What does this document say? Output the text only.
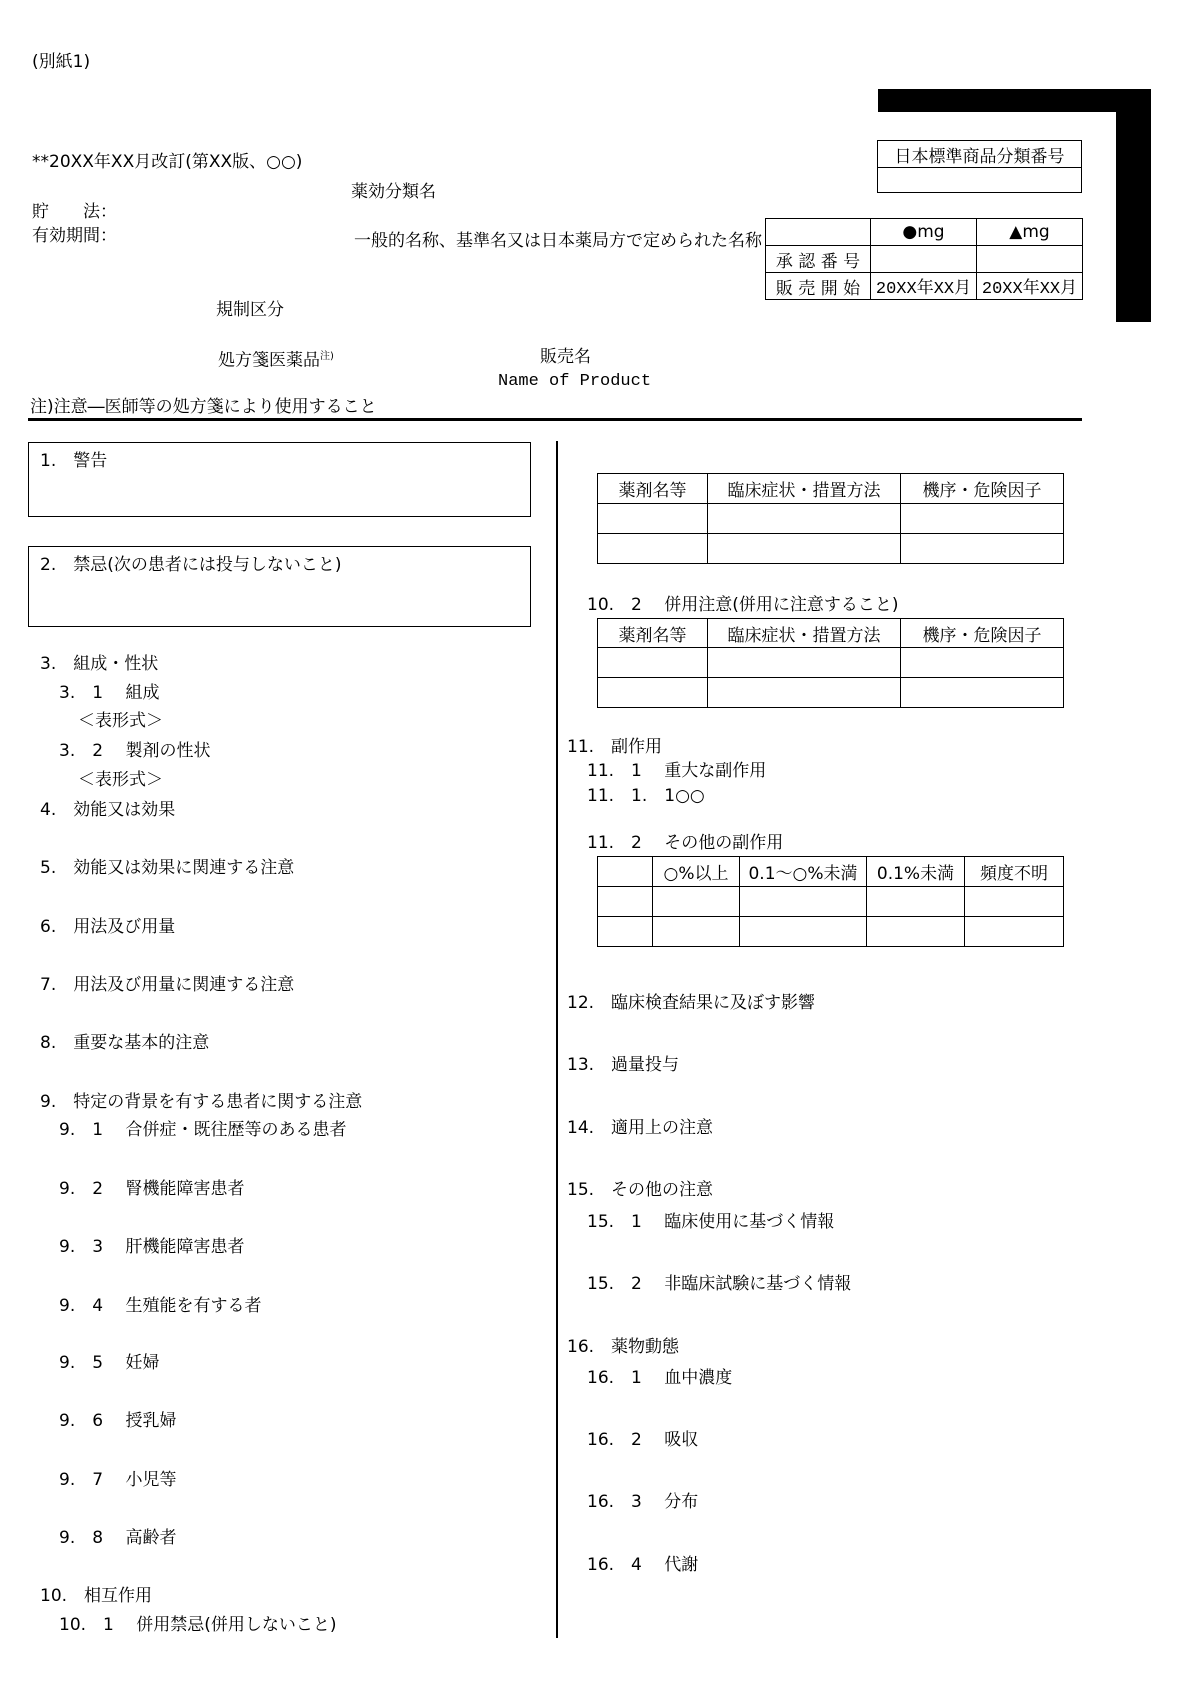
(別紙1)
日本標準商品分類番号

**20XX年XX月改訂(第XX版、○○)
薬効分類名
貯　　法：
有効期間：	一般的名称、基準名又は日本薬局方で定められた名称
		●mg	▲mg
承 認 番 号		
販 売 開 始	20XX年XX月	20XX年XX月
規制区分
処方箋医薬品$^{注)}$	販売名
Name of Product
注)注意―医師等の処方箋により使用すること
1.　警告
2.　禁忌(次の患者には投与しないこと)
3.　組成・性状
3.　1　 組成
＜表形式＞
3.　2　 製剤の性状
＜表形式＞
4.　効能又は効果
5.　効能又は効果に関連する注意
6.　用法及び用量
7.　用法及び用量に関連する注意
8.　重要な基本的注意
9.　特定の背景を有する患者に関する注意
9.　1　 合併症・既往歴等のある患者
9.　2　 腎機能障害患者
9.　3　 肝機能障害患者
9.　4　 生殖能を有する者
9.　5　 妊婦
9.　6　 授乳婦
9.　7　 小児等
9.　8　 高齢者
10.　相互作用
10.　1　 併用禁忌(併用しないこと)
薬剤名等	臨床症状・措置方法	機序・危険因子

10.　2　 併用注意(併用に注意すること)
薬剤名等	臨床症状・措置方法	機序・危険因子

11.　副作用
11.　1　 重大な副作用
11.　1.　1○○
11.　2　 その他の副作用
	○%以上	0.1～○%未満	0.1%未満	頻度不明

12.　臨床検査結果に及ぼす影響
13.　過量投与
14.　適用上の注意
15.　その他の注意
15.　1　 臨床使用に基づく情報
15.　2　 非臨床試験に基づく情報
16.　薬物動態
16.　1　 血中濃度
16.　2　 吸収
16.　3　 分布
16.　4　 代謝
